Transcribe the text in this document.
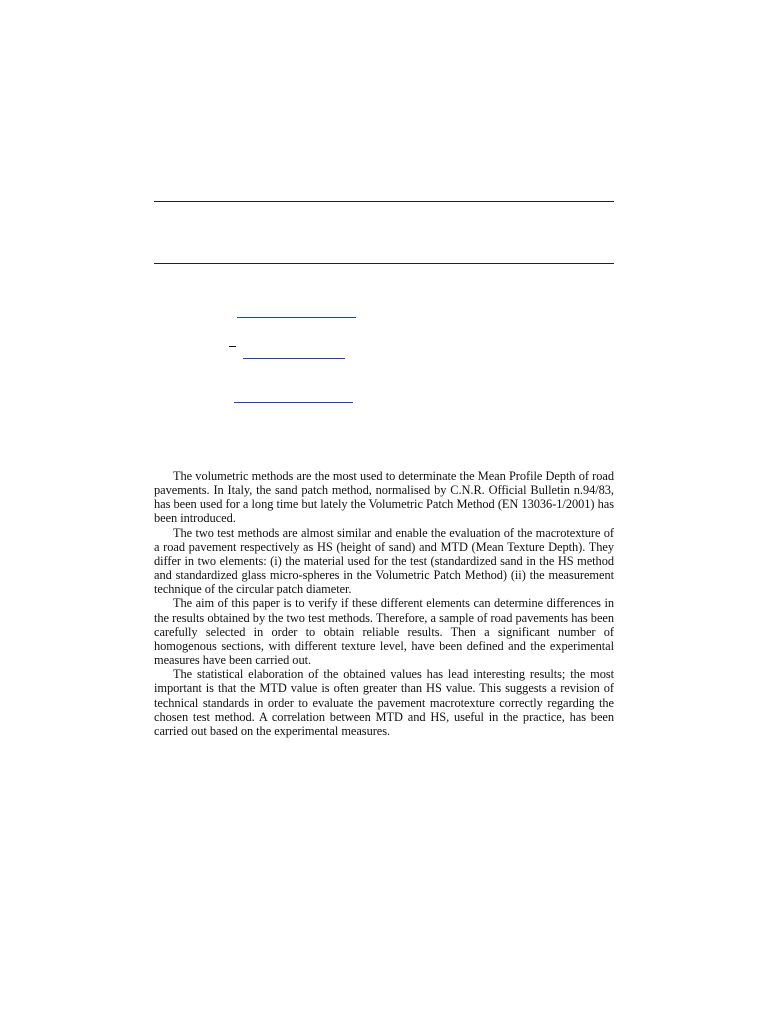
The volumetric methods are the most used to determinate the Mean Profile Depth of road pavements. In Italy, the sand patch method, normalised by C.N.R. Official Bulletin n.94/83, has been used for a long time but lately the Volumetric Patch Method (EN 13036-1/2001) has been introduced.

The two test methods are almost similar and enable the evaluation of the macrotexture of a road pavement respectively as HS (height of sand) and MTD (Mean Texture Depth). They differ in two elements: (i) the material used for the test (standardized sand in the HS method and standardized glass micro-spheres in the Volumetric Patch Method) (ii) the measurement technique of the circular patch diameter.

The aim of this paper is to verify if these different elements can determine differences in the results obtained by the two test methods. Therefore, a sample of road pavements has been carefully selected in order to obtain reliable results. Then a significant number of homogenous sections, with different texture level, have been defined and the experimental measures have been carried out.

The statistical elaboration of the obtained values has lead interesting results; the most important is that the MTD value is often greater than HS value. This suggests a revision of technical standards in order to evaluate the pavement macrotexture correctly regarding the chosen test method. A correlation between MTD and HS, useful in the practice, has been carried out based on the experimental measures.
